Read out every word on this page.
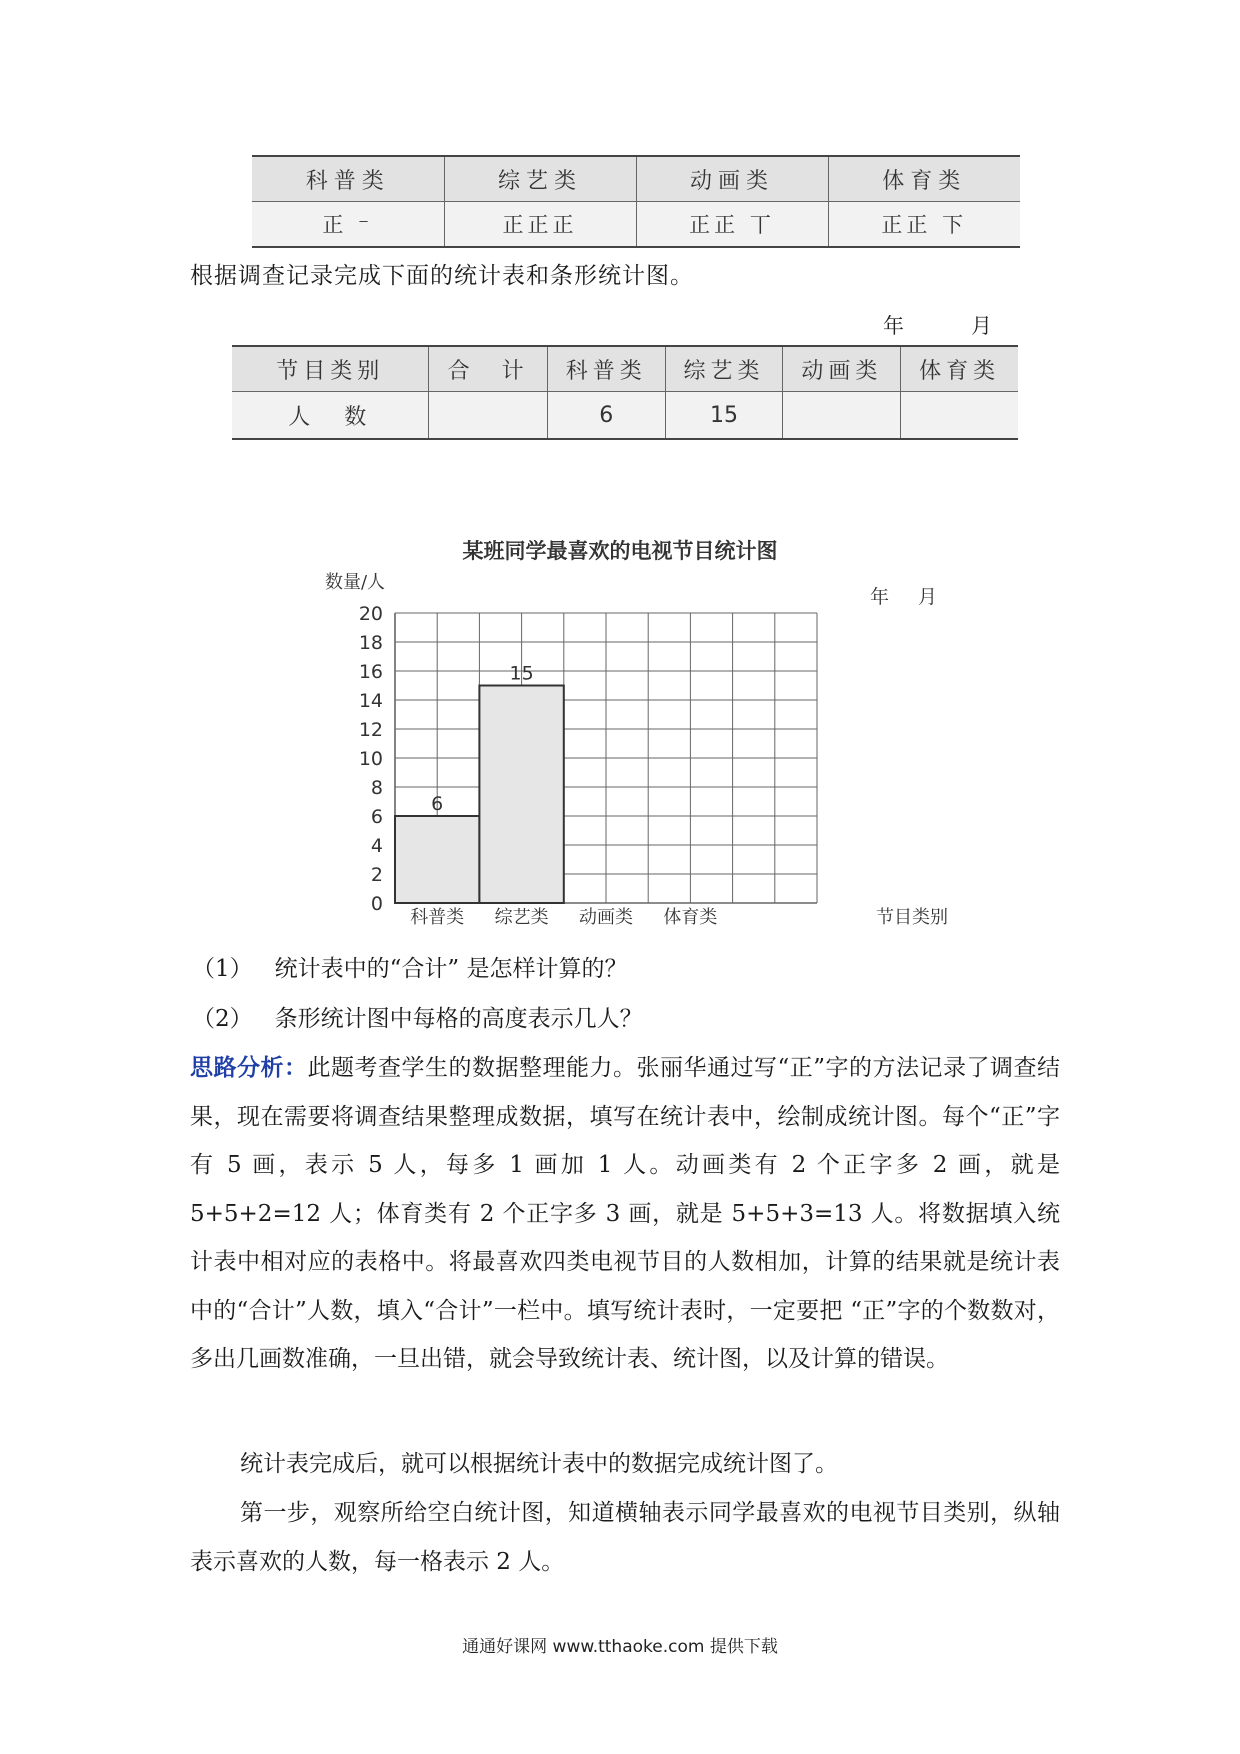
科普类	综艺类	动画类	体育类
正 ⁻	正正正	正正 丅	正正 下
根据调查记录完成下面的统计表和条形统计图。
年	月
节目类别	合　计	科普类	综艺类	动画类	体育类
人　数		6	15		
某班同学最喜欢的电视节目统计图
数量/人
年 月
0
2
4
6
8
10
12
14
16
18
20
6
15
科普类 综艺类 动画类 体育类	节目类别
（1） 统计表中的“合计” 是怎样计算的？
（2） 条形统计图中每格的高度表示几人？
思路分析：此题考查学生的数据整理能力。张丽华通过写“正”字的方法记录了调查结果，现在需要将调查结果整理成数据，填写在统计表中，绘制成统计图。每个“正”字有 5 画，表示 5 人，每多 1 画加 1 人。动画类有 2 个正字多 2 画，就是 5+5+2=12 人；体育类有 2 个正字多 3 画，就是 5+5+3=13 人。将数据填入统计表中相对应的表格中。将最喜欢四类电视节目的人数相加，计算的结果就是统计表中的“合计”人数，填入“合计”一栏中。填写统计表时，一定要把 “正”字的个数数对，多出几画数准确，一旦出错，就会导致统计表、统计图，以及计算的错误。
统计表完成后，就可以根据统计表中的数据完成统计图了。
第一步，观察所给空白统计图，知道横轴表示同学最喜欢的电视节目类别，纵轴表示喜欢的人数，每一格表示 2 人。
通通好课网 www.tthaoke.com 提供下载
